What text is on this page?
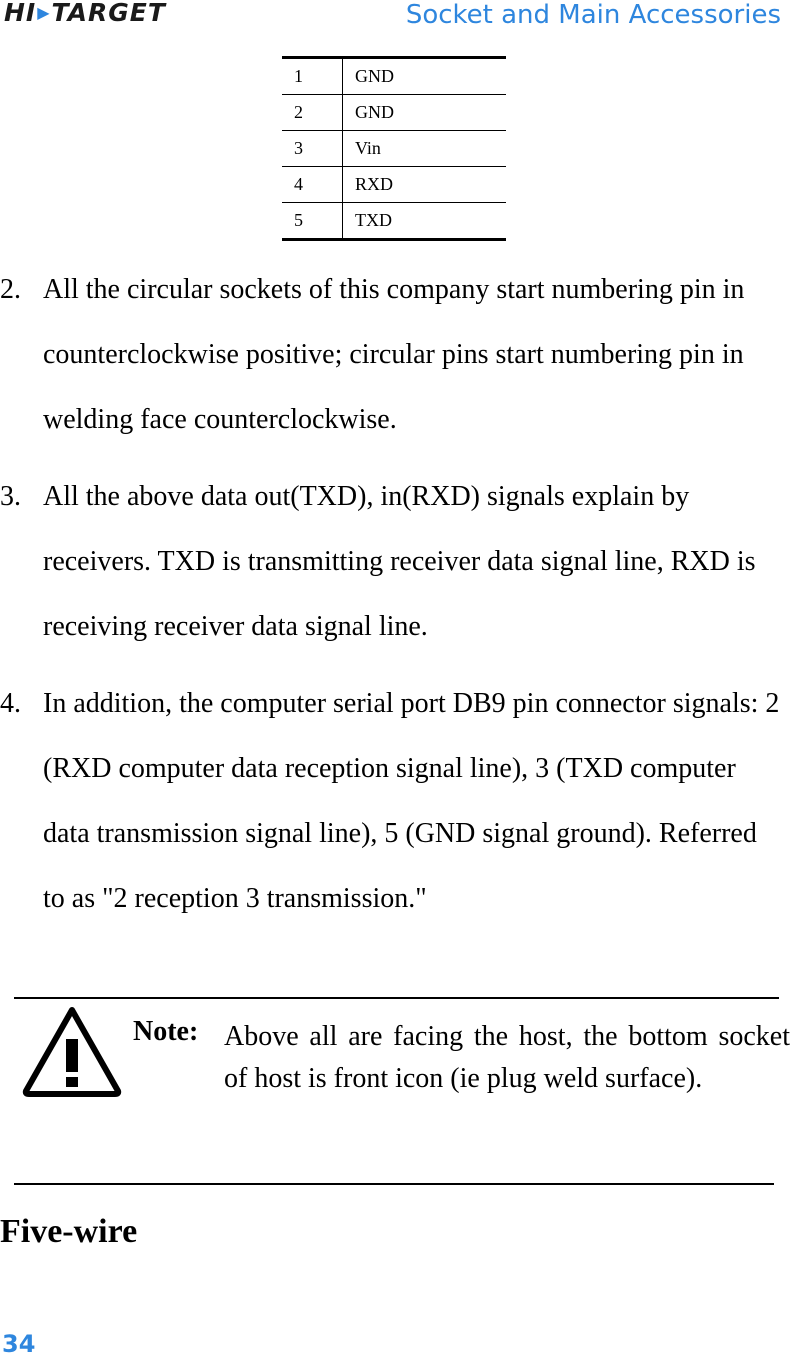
HI▶TARGET	Socket and Main Accessories
1	GND
2	GND
3	Vin
4	RXD
5	TXD
2. All the circular sockets of this company start numbering pin in counterclockwise positive; circular pins start numbering pin in welding face counterclockwise.
3. All the above data out(TXD), in(RXD) signals explain by receivers. TXD is transmitting receiver data signal line, RXD is receiving receiver data signal line.
4. In addition, the computer serial port DB9 pin connector signals: 2 (RXD computer data reception signal line), 3 (TXD computer data transmission signal line), 5 (GND signal ground). Referred to as "2 reception 3 transmission."
Note: Above all are facing the host, the bottom socket of host is front icon (ie plug weld surface).
Five-wire
34
